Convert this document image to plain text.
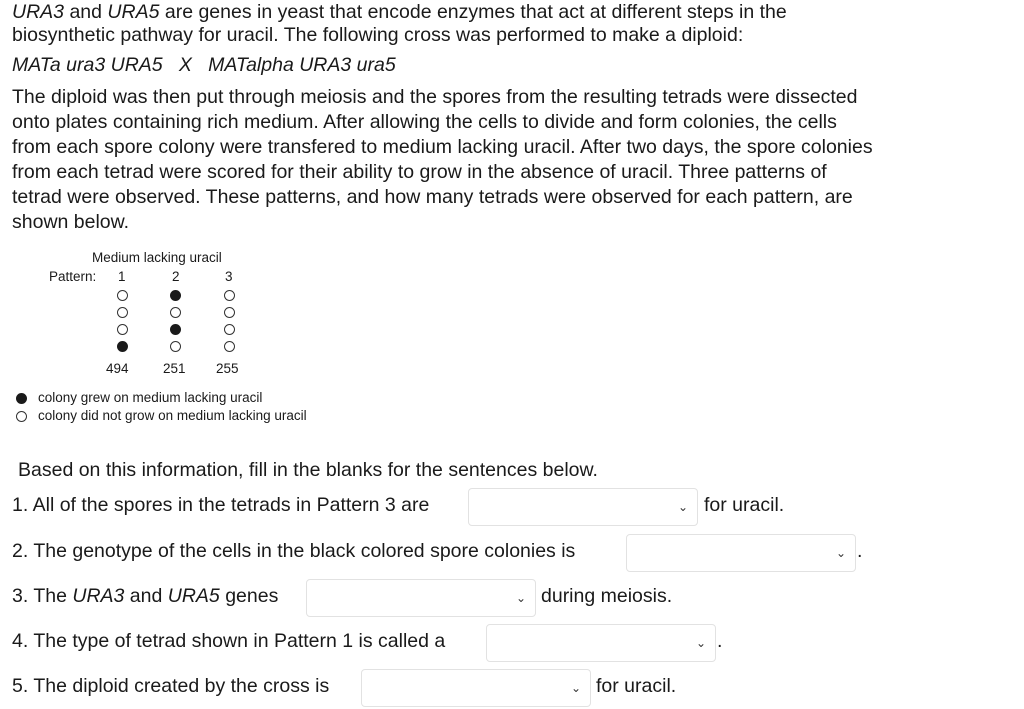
URA3 and URA5 are genes in yeast that encode enzymes that act at different steps in the
biosynthetic pathway for uracil. The following cross was performed to make a diploid:
MATa ura3 URA5   X   MATalpha URA3 ura5
The diploid was then put through meiosis and the spores from the resulting tetrads were dissected
onto plates containing rich medium. After allowing the cells to divide and form colonies, the cells
from each spore colony were transfered to medium lacking uracil. After two days, the spore colonies
from each tetrad were scored for their ability to grow in the absence of uracil. Three patterns of
tetrad were observed. These patterns, and how many tetrads were observed for each pattern, are
shown below.
Medium lacking uracil
Pattern: 1	2	3
494	251 255
colony grew on medium lacking uracil
colony did not grow on medium lacking uracil
Based on this information, fill in the blanks for the sentences below.
1. All of the spores in the tetrads in Pattern 3 are	⌄ for uracil.
2. The genotype of the cells in the black colored spore colonies is	⌄ .
3. The URA3 and URA5 genes	⌄ during meiosis.
4. The type of tetrad shown in Pattern 1 is called a	⌄ .
5. The diploid created by the cross is	⌄ for uracil.
